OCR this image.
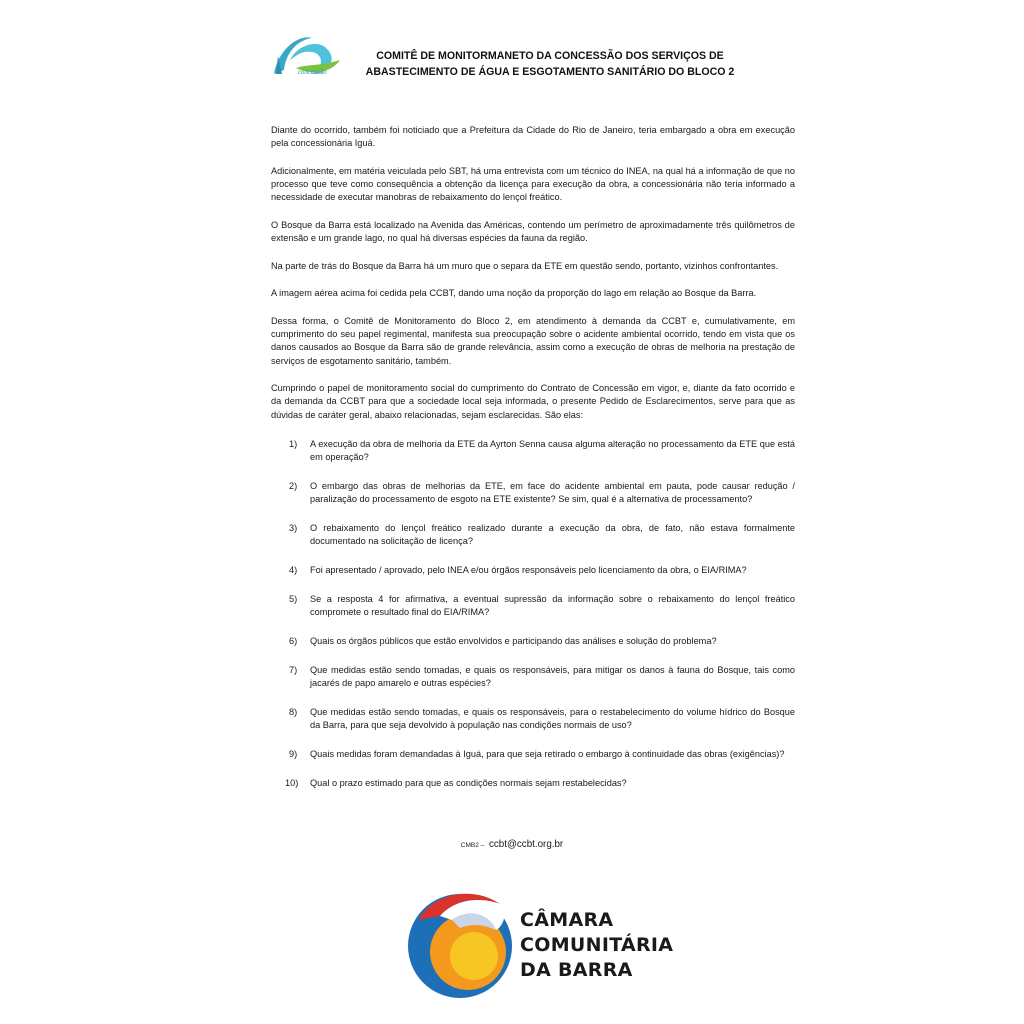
concessão
COMITÊ DE MONITORMANETO DA CONCESSÃO DOS SERVIÇOS DE
ABASTECIMENTO DE ÁGUA E ESGOTAMENTO SANITÁRIO DO BLOCO 2

Diante do ocorrido, também foi noticiado que a Prefeitura da Cidade do Rio de Janeiro, teria embargado a obra em execução pela concessionária Iguá.

Adicionalmente, em matéria veiculada pelo SBT, há uma entrevista com um técnico do INEA, na qual há a informação de que no processo que teve como consequência a obtenção da licença para execução da obra, a concessionária não teria informado a necessidade de executar manobras de rebaixamento do lençol freático.

O Bosque da Barra está localizado na Avenida das Américas, contendo um perímetro de aproximadamente três quilômetros de extensão e um grande lago, no qual há diversas espécies da fauna da região.

Na parte de trás do Bosque da Barra há um muro que o separa da ETE em questão sendo, portanto, vizinhos confrontantes.

A imagem aérea acima foi cedida pela CCBT, dando uma noção da proporção do lago em relação ao Bosque da Barra.

Dessa forma, o Comitê de Monitoramento do Bloco 2, em atendimento à demanda da CCBT e, cumulativamente, em cumprimento do seu papel regimental, manifesta sua preocupação sobre o acidente ambiental ocorrido, tendo em vista que os danos causados ao Bosque da Barra são de grande relevância, assim como a execução de obras de melhoria na prestação de serviços de esgotamento sanitário, também.

Cumprindo o papel de monitoramento social do cumprimento do Contrato de Concessão em vigor, e, diante da fato ocorrido e da demanda da CCBT para que a sociedade local seja informada, o presente Pedido de Esclarecimentos, serve para que as dúvidas de caráter geral, abaixo relacionadas, sejam esclarecidas. São elas:

1) A execução da obra de melhoria da ETE da Ayrton Senna causa alguma alteração no processamento da ETE que está em operação?
2) O embargo das obras de melhorias da ETE, em face do acidente ambiental em pauta, pode causar redução / paralização do processamento de esgoto na ETE existente? Se sim, qual é a alternativa de processamento?
3) O rebaixamento do lençol freático realizado durante a execução da obra, de fato, não estava formalmente documentado na solicitação de licença?
4) Foi apresentado / aprovado, pelo INEA e/ou órgãos responsáveis pelo licenciamento da obra, o EIA/RIMA?
5) Se a resposta 4 for afirmativa, a eventual supressão da informação sobre o rebaixamento do lençol freático compromete o resultado final do EIA/RIMA?
6) Quais os órgãos públicos que estão envolvidos e participando das análises e solução do problema?
7) Que medidas estão sendo tomadas, e quais os responsáveis, para mitigar os danos à fauna do Bosque, tais como jacarés de papo amarelo e outras espécies?
8) Que medidas estão sendo tomadas, e quais os responsáveis, para o restabelecimento do volume hídrico do Bosque da Barra, para que seja devolvido à população nas condições normais de uso?
9) Quais medidas foram demandadas à Iguá, para que seja retirado o embargo à continuidade das obras (exigências)?
10) Qual o prazo estimado para que as condições normais sejam restabelecidas?
CMB2 – ccbt@ccbt.org.br
CÂMARA
COMUNITÁRIA
DA BARRA
